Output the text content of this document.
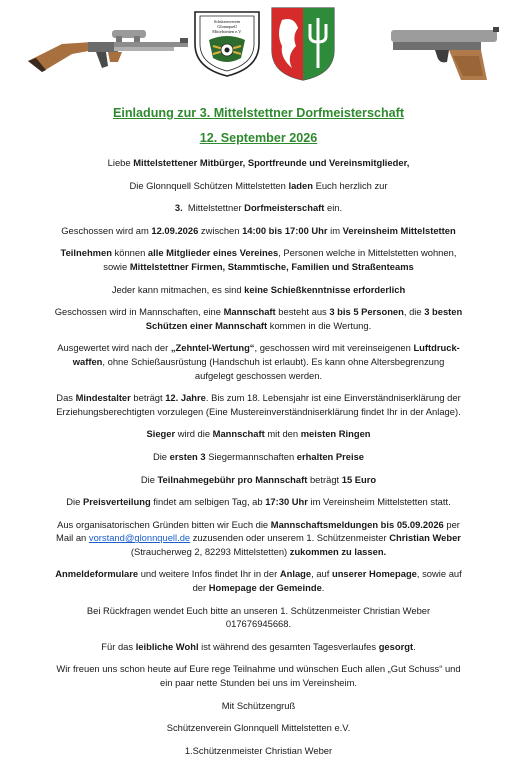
Schützenverein
Glonnquell
Mittelstetten e.V.
Einladung zur 3. Mittelstettner Dorfmeisterschaft
12. September 2026

Liebe Mittelstettener Mitbürger, Sportfreunde und Vereinsmitglieder,

Die Glonnquell Schützen Mittelstetten laden Euch herzlich zur

3.  Mittelstettner Dorfmeisterschaft ein.

Geschossen wird am 12.09.2026 zwischen 14:00 bis 17:00 Uhr im Vereinsheim Mittelstetten

Teilnehmen können alle Mitglieder eines Vereines, Personen welche in Mittelstetten wohnen,
sowie Mittelstettner Firmen, Stammtische, Familien und Straßenteams

Jeder kann mitmachen, es sind keine Schießkenntnisse erforderlich

Geschossen wird in Mannschaften, eine Mannschaft besteht aus 3 bis 5 Personen, die 3 besten
Schützen einer Mannschaft kommen in die Wertung.

Ausgewertet wird nach der „Zehntel-Wertung“, geschossen wird mit vereinseigenen Luftdruck-
waffen, ohne Schießausrüstung (Handschuh ist erlaubt). Es kann ohne Altersbegrenzung
aufgelegt geschossen werden.

Das Mindestalter beträgt 12. Jahre. Bis zum 18. Lebensjahr ist eine Einverständniserklärung der
Erziehungsberechtigten vorzulegen (Eine Mustereinverständniserklärung findet Ihr in der Anlage).

Sieger wird die Mannschaft mit den meisten Ringen

Die ersten 3 Siegermannschaften erhalten Preise

Die Teilnahmegebühr pro Mannschaft beträgt 15 Euro

Die Preisverteilung findet am selbigen Tag, ab 17:30 Uhr im Vereinsheim Mittelstetten statt.

Aus organisatorischen Gründen bitten wir Euch die Mannschaftsmeldungen bis 05.09.2026 per
Mail an vorstand@glonnquell.de zuzusenden oder unserem 1. Schützenmeister Christian Weber
(Straucherweg 2, 82293 Mittelstetten) zukommen zu lassen.

Anmeldeformulare und weitere Infos findet Ihr in der Anlage, auf unserer Homepage, sowie auf
der Homepage der Gemeinde.

Bei Rückfragen wendet Euch bitte an unseren 1. Schützenmeister Christian Weber
017676945668.

Für das leibliche Wohl ist während des gesamten Tagesverlaufes gesorgt.

Wir freuen uns schon heute auf Eure rege Teilnahme und wünschen Euch allen „Gut Schuss“ und
ein paar nette Stunden bei uns im Vereinsheim.

Mit Schützengruß

Schützenverein Glonnquell Mittelstetten e.V.

1.Schützenmeister Christian Weber
